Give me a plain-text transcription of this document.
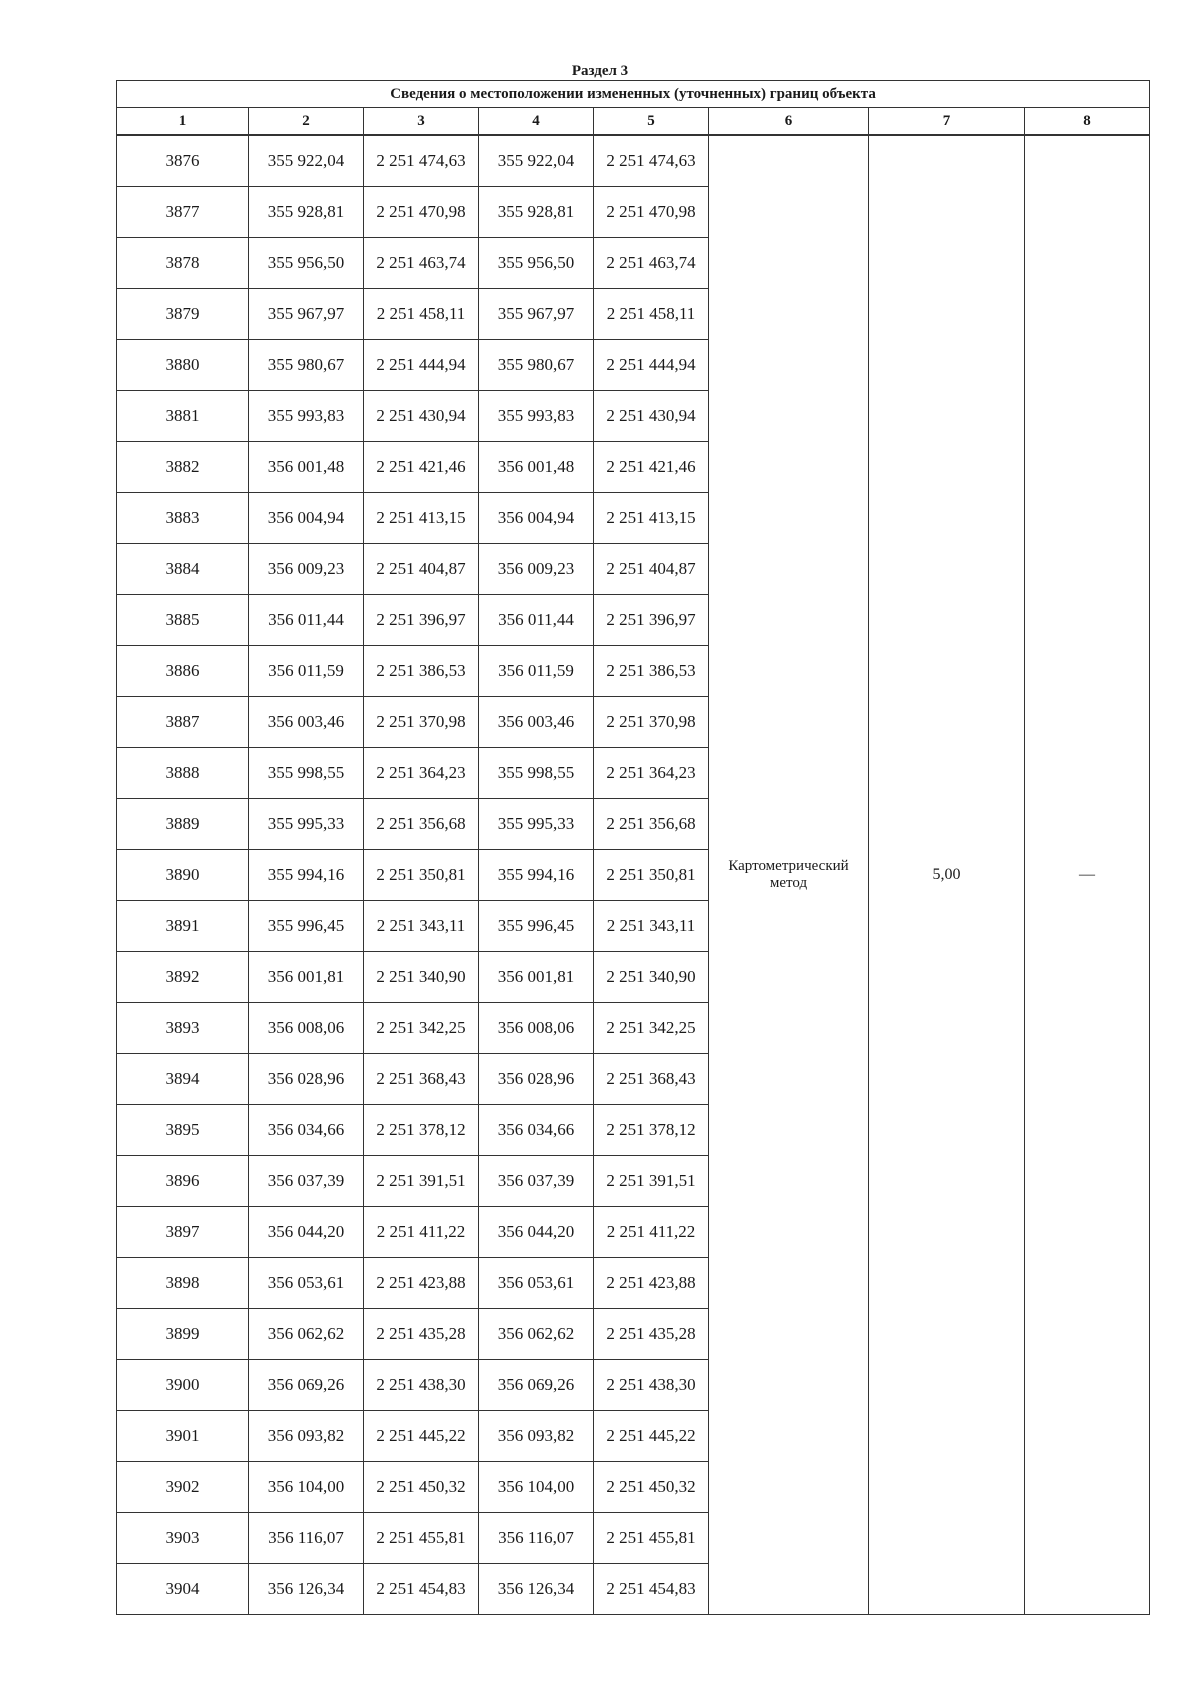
Раздел 3
Сведения о местоположении измененных (уточненных) границ объекта							
1	2	3	4	5	6	7	8
3876	355 922,04	2 251 474,63	355 922,04	2 251 474,63	Картометрический метод	5,00	—
3877	355 928,81	2 251 470,98	355 928,81	2 251 470,98			
3878	355 956,50	2 251 463,74	355 956,50	2 251 463,74			
3879	355 967,97	2 251 458,11	355 967,97	2 251 458,11			
3880	355 980,67	2 251 444,94	355 980,67	2 251 444,94			
3881	355 993,83	2 251 430,94	355 993,83	2 251 430,94			
3882	356 001,48	2 251 421,46	356 001,48	2 251 421,46			
3883	356 004,94	2 251 413,15	356 004,94	2 251 413,15			
3884	356 009,23	2 251 404,87	356 009,23	2 251 404,87			
3885	356 011,44	2 251 396,97	356 011,44	2 251 396,97			
3886	356 011,59	2 251 386,53	356 011,59	2 251 386,53			
3887	356 003,46	2 251 370,98	356 003,46	2 251 370,98			
3888	355 998,55	2 251 364,23	355 998,55	2 251 364,23			
3889	355 995,33	2 251 356,68	355 995,33	2 251 356,68			
3890	355 994,16	2 251 350,81	355 994,16	2 251 350,81			
3891	355 996,45	2 251 343,11	355 996,45	2 251 343,11			
3892	356 001,81	2 251 340,90	356 001,81	2 251 340,90			
3893	356 008,06	2 251 342,25	356 008,06	2 251 342,25			
3894	356 028,96	2 251 368,43	356 028,96	2 251 368,43			
3895	356 034,66	2 251 378,12	356 034,66	2 251 378,12			
3896	356 037,39	2 251 391,51	356 037,39	2 251 391,51			
3897	356 044,20	2 251 411,22	356 044,20	2 251 411,22			
3898	356 053,61	2 251 423,88	356 053,61	2 251 423,88			
3899	356 062,62	2 251 435,28	356 062,62	2 251 435,28			
3900	356 069,26	2 251 438,30	356 069,26	2 251 438,30			
3901	356 093,82	2 251 445,22	356 093,82	2 251 445,22			
3902	356 104,00	2 251 450,32	356 104,00	2 251 450,32			
3903	356 116,07	2 251 455,81	356 116,07	2 251 455,81			
3904	356 126,34	2 251 454,83	356 126,34	2 251 454,83			
